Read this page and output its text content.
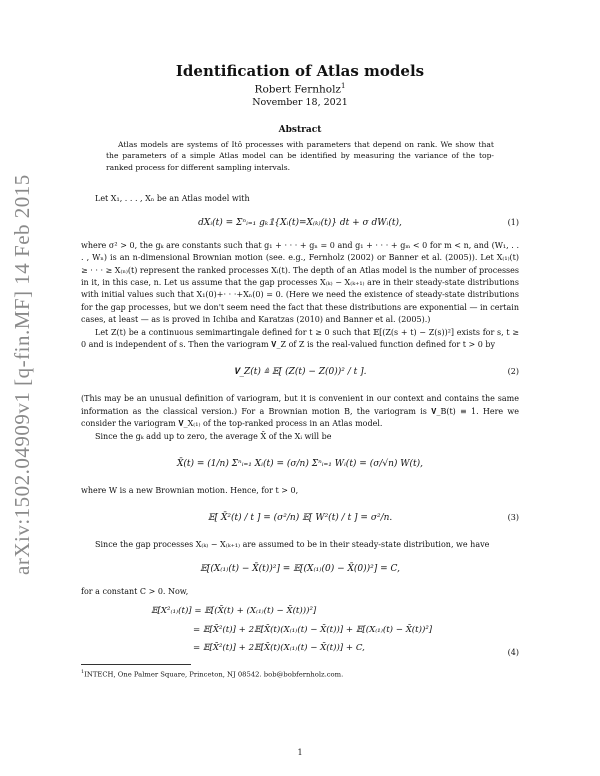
arXiv:1502.04909v1 [q-fin.MF] 14 Feb 2015
Identification of Atlas models
Robert Fernholz$^1$
November 18, 2021
Abstract
Atlas models are systems of Itô processes with parameters that depend on rank. We show that the parameters of a simple Atlas model can be identified by measuring the variance of the top-ranked process for different sampling intervals.

Let X₁, . . . , Xₙ be an Atlas model with

dXᵢ(t) = Σⁿᵢ₌₁ gₖ𝟙{Xᵢ(t)=X₍ₖ₎(t)} dt + σ dWᵢ(t),	(1)

where σ² > 0, the gₖ are constants such that g₁ + · · · + gₙ = 0 and g₁ + · · · + gₘ < 0 for m < n, and (W₁, . . . , Wₙ) is an n-dimensional Brownian motion (see. e.g., Fernholz (2002) or Banner et al. (2005)). Let X₍₁₎(t) ≥ · · · ≥ X₍ₙ₎(t) represent the ranked processes Xᵢ(t). The depth of an Atlas model is the number of processes in it, in this case, n. Let us assume that the gap processes X₍ₖ₎ − X₍ₖ₊₁₎ are in their steady-state distributions with initial values such that X₁(0)+· · ·+Xₙ(0) = 0. (Here we need the existence of steady-state distributions for the gap processes, but we don't seem need the fact that these distributions are exponential — in certain cases, at least — as is proved in Ichiba and Karatzas (2010) and Banner et al. (2005).)

Let Z(t) be a continuous semimartingale defined for t ≥ 0 such that 𝔼[(Z(s + t) − Z(s))²] exists for s, t ≥ 0 and is independent of s. Then the variogram 𝐕_Z of Z is the real-valued function defined for t > 0 by

𝐕_Z(t) ≜ 𝔼[ (Z(t) − Z(0))² / t ].	(2)

(This may be an unusual definition of variogram, but it is convenient in our context and contains the same information as the classical version.) For a Brownian motion B, the variogram is 𝐕_B(t) ≡ 1. Here we consider the variogram 𝐕_X₍₁₎ of the top-ranked process in an Atlas model.

Since the gₖ add up to zero, the average X̄ of the Xᵢ will be

X̄(t) = (1/n) Σⁿᵢ₌₁ Xᵢ(t) = (σ/n) Σⁿᵢ₌₁ Wᵢ(t) = (σ/√n) W(t),

where W is a new Brownian motion. Hence, for t > 0,

𝔼[ X̄²(t) / t ] = (σ²/n) 𝔼[ W²(t) / t ] = σ²/n.	(3)

Since the gap processes X₍ₖ₎ − X₍ₖ₊₁₎ are assumed to be in their steady-state distribution, we have

𝔼[(X₍₁₎(t) − X̄(t))²] = 𝔼[(X₍₁₎(0) − X̄(0))²] = C,

for a constant C > 0. Now,

𝔼[X²₍₁₎(t)] = 𝔼[(X̄(t) + (X₍₁₎(t) − X̄(t)))²]
= 𝔼[X̄²(t)] + 2𝔼[X̄(t)(X₍₁₎(t) − X̄(t))] + 𝔼[(X₍₁₎(t) − X̄(t))²]
= 𝔼[X̄²(t)] + 2𝔼[X̄(t)(X₍₁₎(t) − X̄(t))] + C,	(4)
$^1$INTECH, One Palmer Square, Princeton, NJ 08542. bob@bobfernholz.com.
1
